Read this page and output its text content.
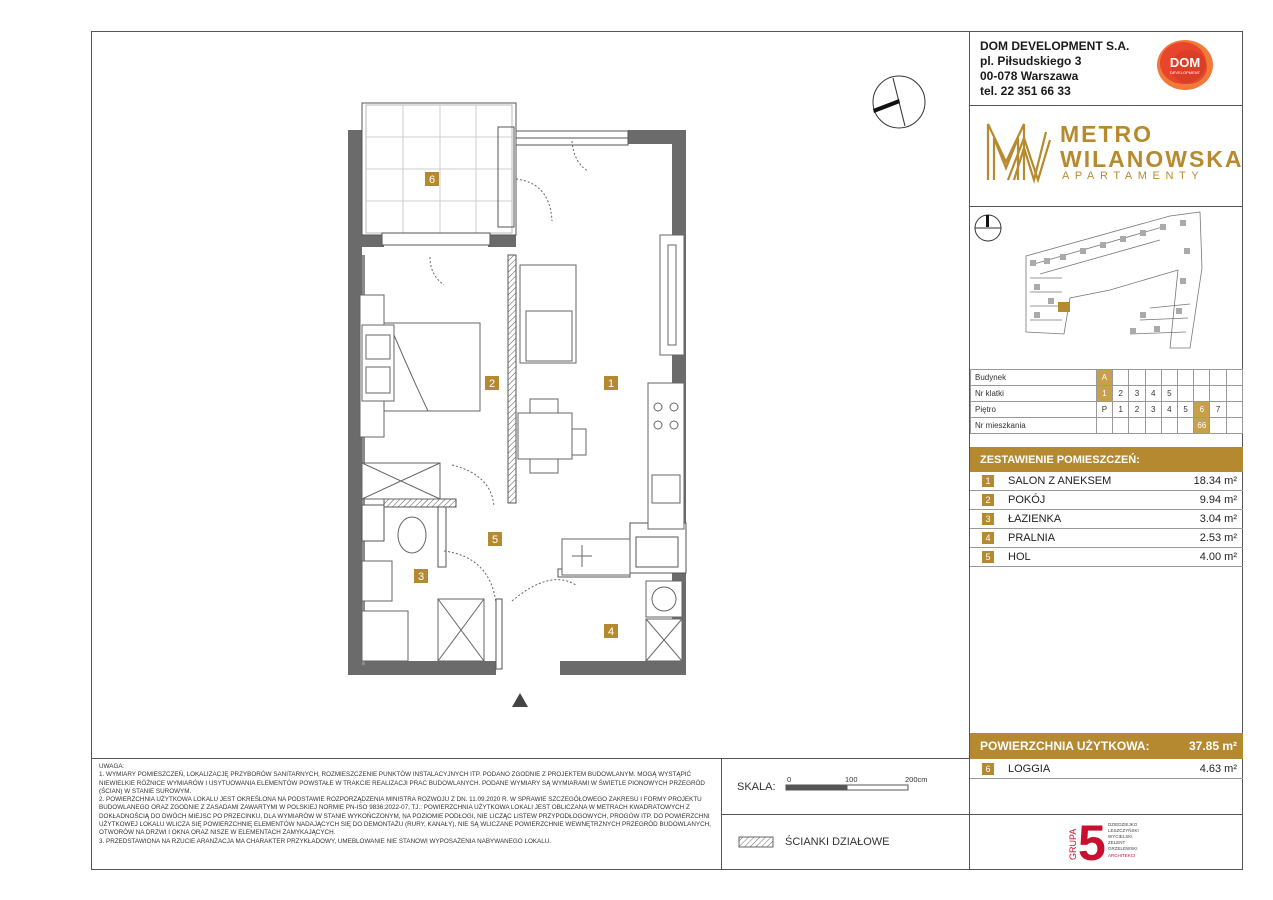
DOM DEVELOPMENT S.A.
pl. Piłsudskiego 3
00-078 Warszawa
tel. 22 351 66 33
DOM
DEVELOPMENT
METRO
WILANOWSKA
APARTAMENTY
Budynek	A								
Nr klatki	1	2	3	4	5				
Piętro	P	1	2	3	4	5	6	7	
Nr mieszkania							66		
ZESTAWIENIE POMIESZCZEŃ:
1	SALON Z ANEKSEM	18.34 m²
2	POKÓJ	9.94 m²
3	ŁAZIENKA	3.04 m²
4	PRALNIA	2.53 m²
5	HOL	4.00 m²
POWIERZCHNIA UŻYTKOWA:	37.85 m²
6	LOGGIA	4.63 m²

UWAGA:

1. WYMIARY POMIESZCZEŃ, LOKALIZACJĘ PRZYBORÓW SANITARNYCH, ROZMIESZCZENIE PUNKTÓW INSTALACYJNYCH ITP. PODANO ZGODNIE Z PROJEKTEM BUDOWLANYM. MOGĄ WYSTĄPIĆ NIEWIELKIE RÓŻNICE WYMIARÓW I USYTUOWANIA ELEMENTÓW POWSTAŁE W TRAKCIE REALIZACJI PRAC BUDOWLANYCH. PODANE WYMIARY SĄ WYMIARAMI W ŚWIETLE PIONOWYCH PRZEGRÓD (ŚCIAN) W STANIE SUROWYM.

2. POWIERZCHNIA UŻYTKOWA LOKALU JEST OKREŚLONA NA PODSTAWIE ROZPORZĄDZENIA MINISTRA ROZWOJU Z DN. 11.09.2020 R. W SPRAWIE SZCZEGÓŁOWEGO ZAKRESU I FORMY PROJEKTU BUDOWLANEGO ORAZ ZGODNIE Z ZASADAMI ZAWARTYMI W POLSKIEJ NORMIE PN-ISO 9836:2022-07, TJ.: POWIERZCHNIA UŻYTKOWA LOKALI JEST OBLICZANA W METRACH KWADRATOWYCH Z DOKŁADNOŚCIĄ DO DWÓCH MIEJSC PO PRZECINKU, DLA WYMIARÓW W STANIE WYKOŃCZONYM, NA POZIOMIE PODŁOGI, NIE LICZĄC LISTEW PRZYPODŁOGOWYCH, PROGÓW ITP. DO POWIERZCHNI UŻYTKOWEJ LOKALU WLICZA SIĘ POWIERZCHNIĘ ELEMENTÓW NADAJĄCYCH SIĘ DO DEMONTAŻU (RURY, KANAŁY), NIE SĄ WLICZANE POWIERZCHNIE WEWNĘTRZNYCH PRZEGRÓD BUDOWLANYCH, OTWORÓW NA DRZWI I OKNA ORAZ NISZE W ELEMENTACH ZAMYKAJĄCYCH.

3. PRZEDSTAWIONA NA RZUCIE ARANŻACJA MA CHARAKTER PRZYKŁADOWY, UMEBLOWANIE NIE STANOWI WYPOSAŻENIA NABYWANEGO LOKALU.

SKALA:
0	100	200cm
ŚCIANKI DZIAŁOWE	GRUPA 5 DZIEDZIEJKO
LESZCZYŃSKI
WYCIELSKI
ZELENT
GRZELEWSKI
ARCHITEKCI
2	1
5
3
4
6
